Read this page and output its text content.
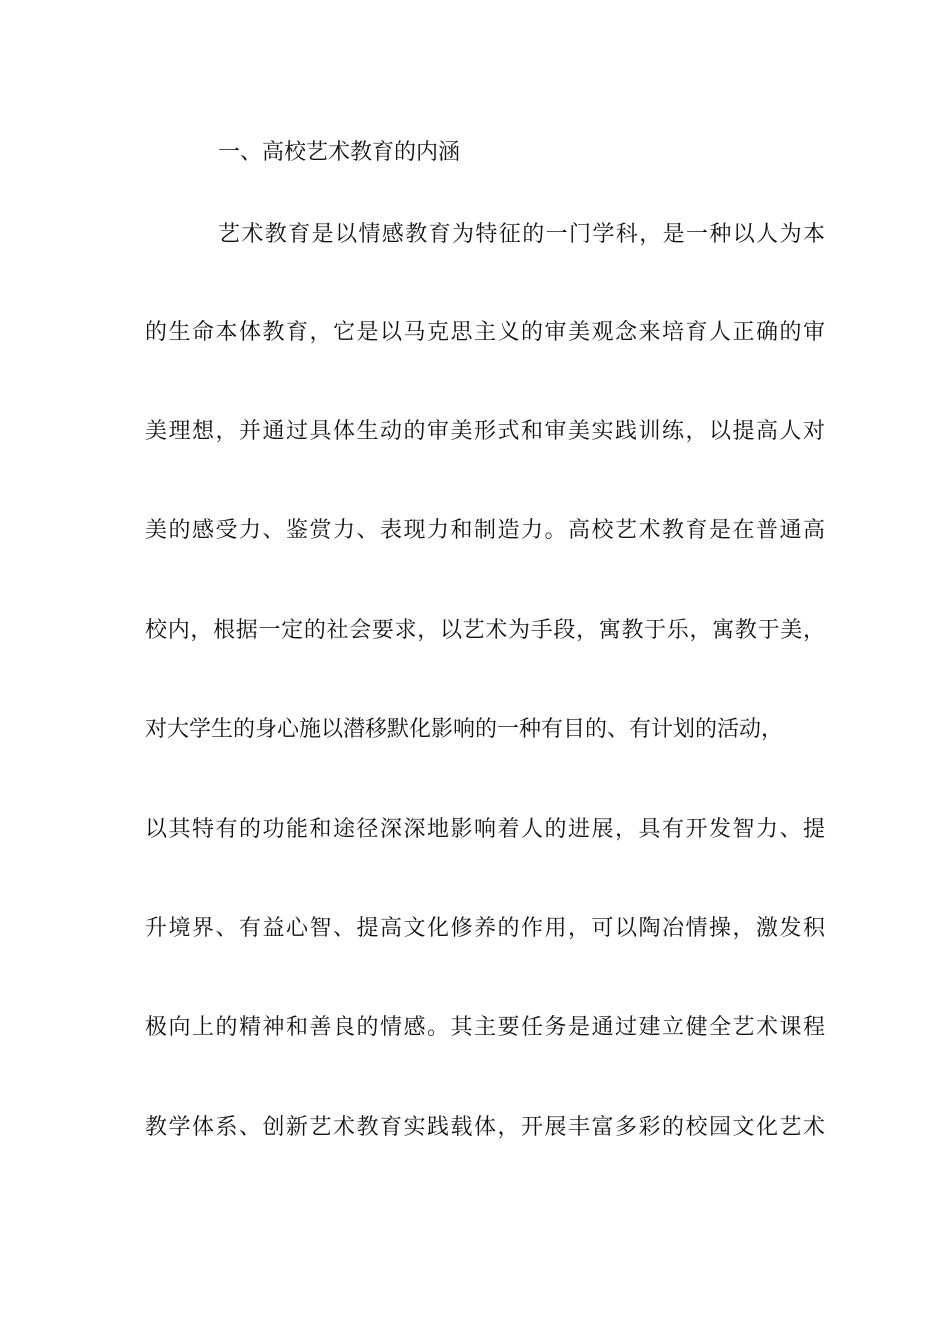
一、高校艺术教育的内涵
艺术教育是以情感教育为特征的一门学科，是一种以人为本
的生命本体教育，它是以马克思主义的审美观念来培育人正确的审
美理想，并通过具体生动的审美形式和审美实践训练，以提高人对
美的感受力、鉴赏力、表现力和制造力。高校艺术教育是在普通高
校内，根据一定的社会要求，以艺术为手段，寓教于乐，寓教于美，
对大学生的身心施以潜移默化影响的一种有目的、有计划的活动，
以其特有的功能和途径深深地影响着人的进展，具有开发智力、提
升境界、有益心智、提高文化修养的作用，可以陶冶情操，激发积
极向上的精神和善良的情感。其主要任务是通过建立健全艺术课程
教学体系、创新艺术教育实践载体，开展丰富多彩的校园文化艺术
